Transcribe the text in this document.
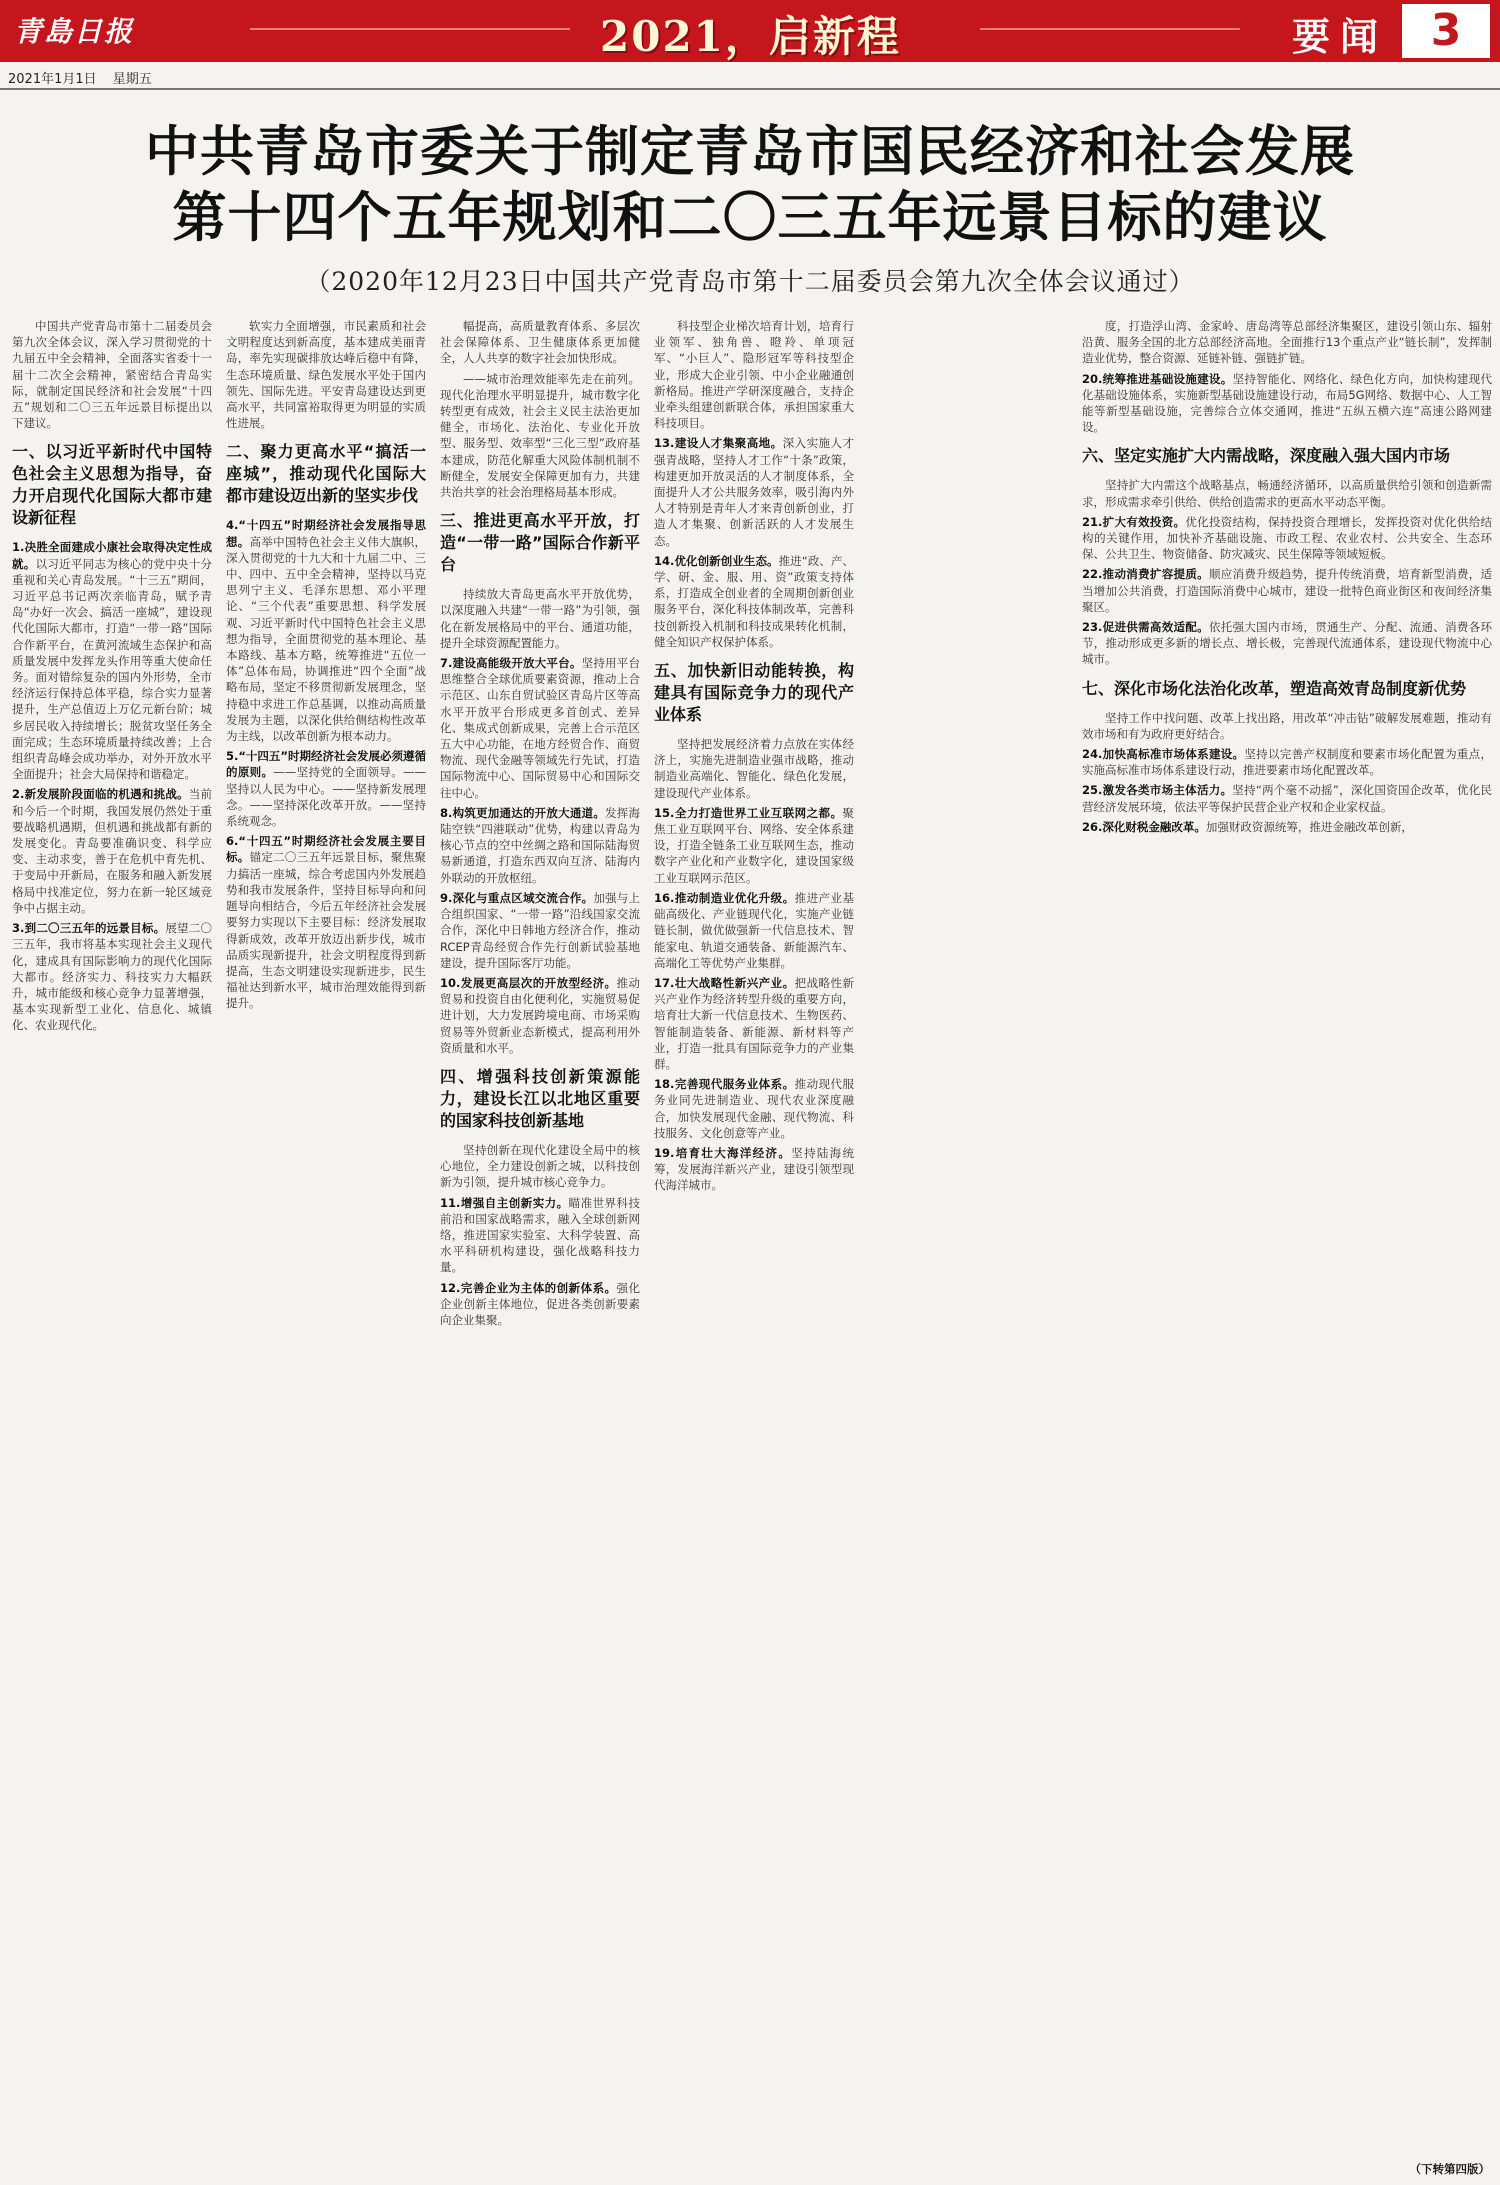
青島日报	2021，启新程	要闻 3
2021年1月1日 星期五
中共青岛市委关于制定青岛市国民经济和社会发展
第十四个五年规划和二〇三五年远景目标的建议
（2020年12月23日中国共产党青岛市第十二届委员会第九次全体会议通过）

中国共产党青岛市第十二届委员会第九次全体会议，深入学习贯彻党的十九届五中全会精神，全面落实省委十一届十二次全会精神，紧密结合青岛实际，就制定国民经济和社会发展“十四五”规划和二〇三五年远景目标提出以下建议。

一、以习近平新时代中国特色社会主义思想为指导，奋力开启现代化国际大都市建设新征程

1.决胜全面建成小康社会取得决定性成就。以习近平同志为核心的党中央十分重视和关心青岛发展。“十三五”期间，习近平总书记两次亲临青岛，赋予青岛“办好一次会、搞活一座城”，建设现代化国际大都市，打造“一带一路”国际合作新平台，在黄河流域生态保护和高质量发展中发挥龙头作用等重大使命任务。面对错综复杂的国内外形势，全市经济运行保持总体平稳，综合实力显著提升，生产总值迈上万亿元新台阶；城乡居民收入持续增长；脱贫攻坚任务全面完成；生态环境质量持续改善；上合组织青岛峰会成功举办，对外开放水平全面提升；社会大局保持和谐稳定。

2.新发展阶段面临的机遇和挑战。当前和今后一个时期，我国发展仍然处于重要战略机遇期，但机遇和挑战都有新的发展变化。青岛要准确识变、科学应变、主动求变，善于在危机中育先机、于变局中开新局，在服务和融入新发展格局中找准定位，努力在新一轮区域竞争中占据主动。

3.到二〇三五年的远景目标。展望二〇三五年，我市将基本实现社会主义现代化，建成具有国际影响力的现代化国际大都市。经济实力、科技实力大幅跃升，城市能级和核心竞争力显著增强，基本实现新型工业化、信息化、城镇化、农业现代化。

软实力全面增强，市民素质和社会文明程度达到新高度，基本建成美丽青岛，率先实现碳排放达峰后稳中有降，生态环境质量、绿色发展水平处于国内领先、国际先进。平安青岛建设达到更高水平，共同富裕取得更为明显的实质性进展。

二、聚力更高水平“搞活一座城”，推动现代化国际大都市建设迈出新的坚实步伐

4.“十四五”时期经济社会发展指导思想。高举中国特色社会主义伟大旗帜，深入贯彻党的十九大和十九届二中、三中、四中、五中全会精神，坚持以马克思列宁主义、毛泽东思想、邓小平理论、“三个代表”重要思想、科学发展观、习近平新时代中国特色社会主义思想为指导，全面贯彻党的基本理论、基本路线、基本方略，统筹推进“五位一体”总体布局，协调推进“四个全面”战略布局，坚定不移贯彻新发展理念，坚持稳中求进工作总基调，以推动高质量发展为主题，以深化供给侧结构性改革为主线，以改革创新为根本动力。

5.“十四五”时期经济社会发展必须遵循的原则。——坚持党的全面领导。——坚持以人民为中心。——坚持新发展理念。——坚持深化改革开放。——坚持系统观念。

6.“十四五”时期经济社会发展主要目标。锚定二〇三五年远景目标，聚焦聚力搞活一座城，综合考虑国内外发展趋势和我市发展条件，坚持目标导向和问题导向相结合，今后五年经济社会发展要努力实现以下主要目标：经济发展取得新成效，改革开放迈出新步伐，城市品质实现新提升，社会文明程度得到新提高，生态文明建设实现新进步，民生福祉达到新水平，城市治理效能得到新提升。

幅提高，高质量教育体系、多层次社会保障体系、卫生健康体系更加健全，人人共享的数字社会加快形成。

——城市治理效能率先走在前列。现代化治理水平明显提升，城市数字化转型更有成效，社会主义民主法治更加健全，市场化、法治化、专业化开放型、服务型、效率型“三化三型”政府基本建成，防范化解重大风险体制机制不断健全，发展安全保障更加有力，共建共治共享的社会治理格局基本形成。

三、推进更高水平开放，打造“一带一路”国际合作新平台

持续放大青岛更高水平开放优势，以深度融入共建“一带一路”为引领，强化在新发展格局中的平台、通道功能，提升全球资源配置能力。

7.建设高能级开放大平台。坚持用平台思维整合全球优质要素资源，推动上合示范区、山东自贸试验区青岛片区等高水平开放平台形成更多首创式、差异化、集成式创新成果，完善上合示范区五大中心功能，在地方经贸合作、商贸物流、现代金融等领域先行先试，打造国际物流中心、国际贸易中心和国际交往中心。

8.构筑更加通达的开放大通道。发挥海陆空铁“四港联动”优势，构建以青岛为核心节点的空中丝绸之路和国际陆海贸易新通道，打造东西双向互济、陆海内外联动的开放枢纽。

9.深化与重点区域交流合作。加强与上合组织国家、“一带一路”沿线国家交流合作，深化中日韩地方经济合作，推动RCEP青岛经贸合作先行创新试验基地建设，提升国际客厅功能。

10.发展更高层次的开放型经济。推动贸易和投资自由化便利化，实施贸易促进计划，大力发展跨境电商、市场采购贸易等外贸新业态新模式，提高利用外资质量和水平。

四、增强科技创新策源能力，建设长江以北地区重要的国家科技创新基地

坚持创新在现代化建设全局中的核心地位，全力建设创新之城，以科技创新为引领，提升城市核心竞争力。

11.增强自主创新实力。瞄准世界科技前沿和国家战略需求，融入全球创新网络，推进国家实验室、大科学装置、高水平科研机构建设，强化战略科技力量。

12.完善企业为主体的创新体系。强化企业创新主体地位，促进各类创新要素向企业集聚。

科技型企业梯次培育计划，培育行业领军、独角兽、瞪羚、单项冠军、“小巨人”、隐形冠军等科技型企业，形成大企业引领、中小企业融通创新格局。推进产学研深度融合，支持企业牵头组建创新联合体，承担国家重大科技项目。

13.建设人才集聚高地。深入实施人才强青战略，坚持人才工作“十条”政策，构建更加开放灵活的人才制度体系，全面提升人才公共服务效率，吸引海内外人才特别是青年人才来青创新创业，打造人才集聚、创新活跃的人才发展生态。

14.优化创新创业生态。推进“政、产、学、研、金、服、用、资”政策支持体系，打造成全创业者的全周期创新创业服务平台，深化科技体制改革，完善科技创新投入机制和科技成果转化机制，健全知识产权保护体系。

五、加快新旧动能转换，构建具有国际竞争力的现代产业体系

坚持把发展经济着力点放在实体经济上，实施先进制造业强市战略，推动制造业高端化、智能化、绿色化发展，建设现代产业体系。

15.全力打造世界工业互联网之都。聚焦工业互联网平台、网络、安全体系建设，打造全链条工业互联网生态，推动数字产业化和产业数字化，建设国家级工业互联网示范区。

16.推动制造业优化升级。推进产业基础高级化、产业链现代化，实施产业链链长制，做优做强新一代信息技术、智能家电、轨道交通装备、新能源汽车、高端化工等优势产业集群。

17.壮大战略性新兴产业。把战略性新兴产业作为经济转型升级的重要方向，培育壮大新一代信息技术、生物医药、智能制造装备、新能源、新材料等产业，打造一批具有国际竞争力的产业集群。

18.完善现代服务业体系。推动现代服务业同先进制造业、现代农业深度融合，加快发展现代金融、现代物流、科技服务、文化创意等产业。

19.培育壮大海洋经济。坚持陆海统筹，发展海洋新兴产业，建设引领型现代海洋城市。

度，打造浮山湾、金家岭、唐岛湾等总部经济集聚区，建设引领山东、辐射沿黄、服务全国的北方总部经济高地。全面推行13个重点产业“链长制”，发挥制造业优势，整合资源、延链补链、强链扩链。

20.统筹推进基础设施建设。坚持智能化、网络化、绿色化方向，加快构建现代化基础设施体系，实施新型基础设施建设行动，布局5G网络、数据中心、人工智能等新型基础设施，完善综合立体交通网，推进“五纵五横六连”高速公路网建设。

六、坚定实施扩大内需战略，深度融入强大国内市场

坚持扩大内需这个战略基点，畅通经济循环，以高质量供给引领和创造新需求，形成需求牵引供给、供给创造需求的更高水平动态平衡。

21.扩大有效投资。优化投资结构，保持投资合理增长，发挥投资对优化供给结构的关键作用，加快补齐基础设施、市政工程、农业农村、公共安全、生态环保、公共卫生、物资储备、防灾减灾、民生保障等领域短板。

22.推动消费扩容提质。顺应消费升级趋势，提升传统消费，培育新型消费，适当增加公共消费，打造国际消费中心城市，建设一批特色商业街区和夜间经济集聚区。

23.促进供需高效适配。依托强大国内市场，贯通生产、分配、流通、消费各环节，推动形成更多新的增长点、增长极，完善现代流通体系，建设现代物流中心城市。

七、深化市场化法治化改革，塑造高效青岛制度新优势

坚持工作中找问题、改革上找出路，用改革“冲击钻”破解发展难题，推动有效市场和有为政府更好结合。

24.加快高标准市场体系建设。坚持以完善产权制度和要素市场化配置为重点，实施高标准市场体系建设行动，推进要素市场化配置改革。

25.激发各类市场主体活力。坚持“两个毫不动摇”，深化国资国企改革，优化民营经济发展环境，依法平等保护民营企业产权和企业家权益。

26.深化财税金融改革。加强财政资源统筹，推进金融改革创新，

（下转第四版）
